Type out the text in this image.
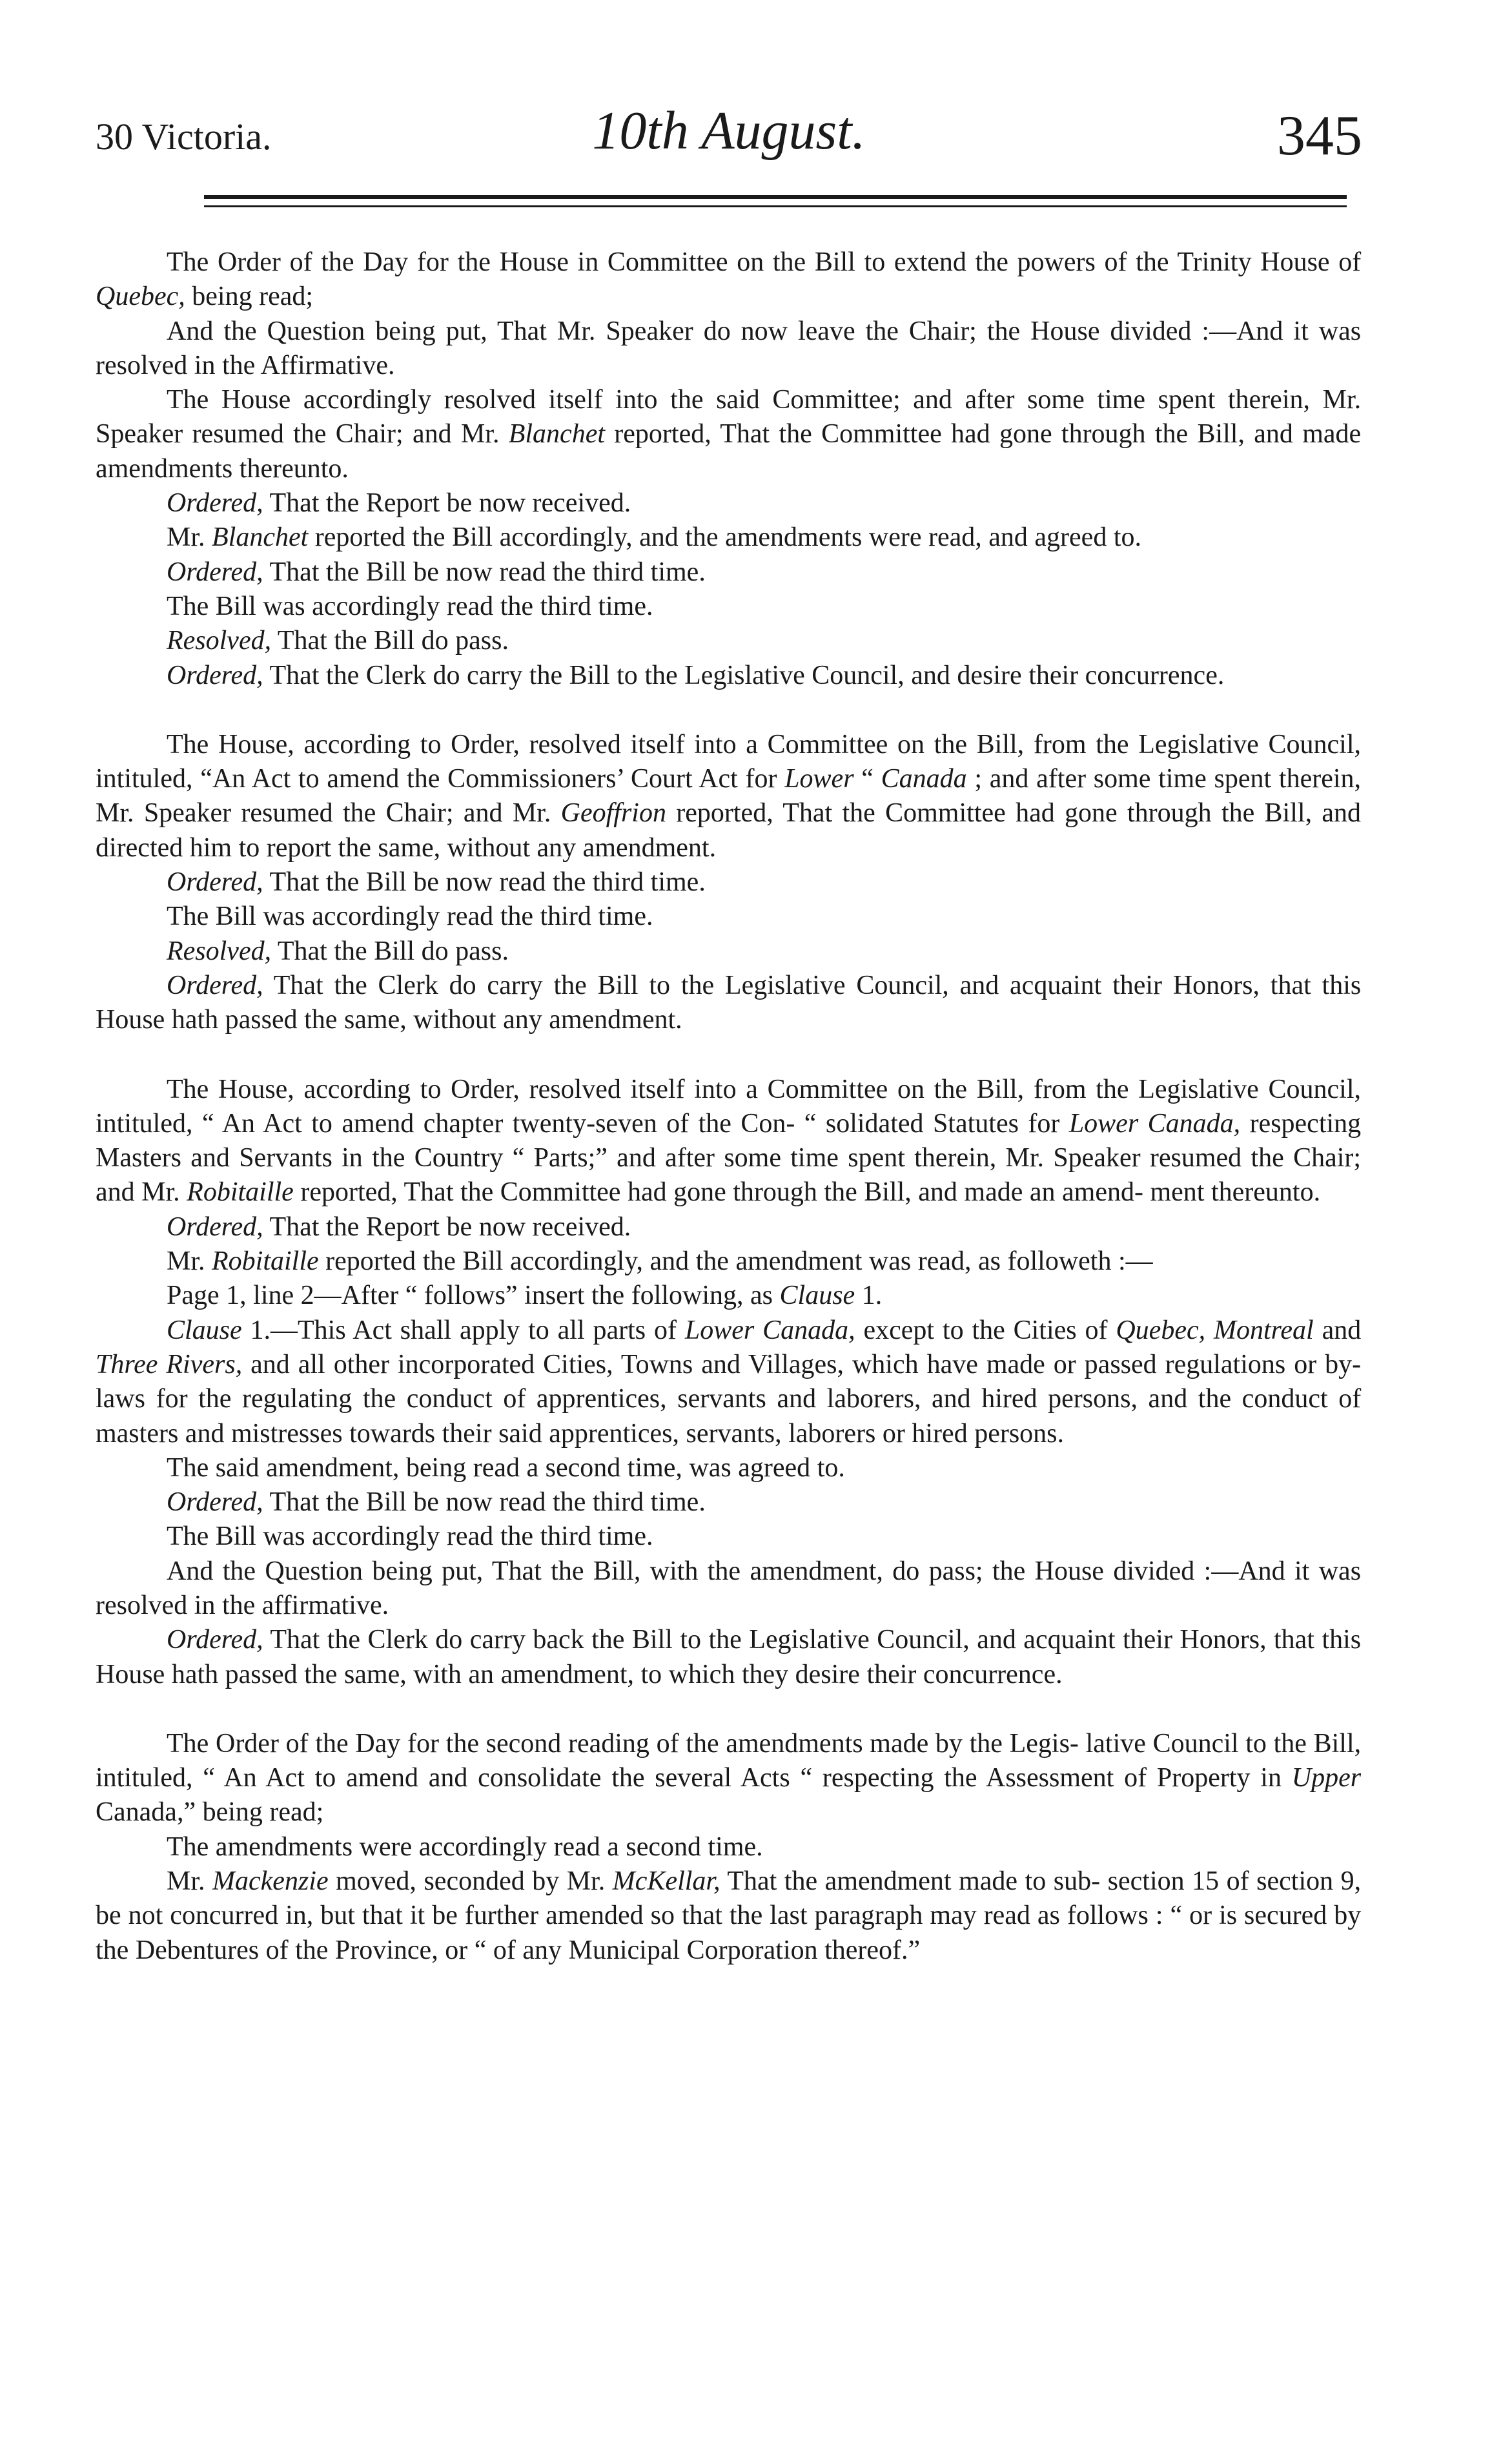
30 Victoria.	10th August.	345

The Order of the Day for the House in Committee on the Bill to extend the powers of the Trinity House of Quebec, being read;

And the Question being put, That Mr. Speaker do now leave the Chair; the House divided :—And it was resolved in the Affirmative.

The House accordingly resolved itself into the said Committee; and after some time spent therein, Mr. Speaker resumed the Chair; and Mr. Blanchet reported, That the Committee had gone through the Bill, and made amendments thereunto.

Ordered, That the Report be now received.

Mr. Blanchet reported the Bill accordingly, and the amendments were read, and agreed to.

Ordered, That the Bill be now read the third time.

The Bill was accordingly read the third time.

Resolved, That the Bill do pass.

Ordered, That the Clerk do carry the Bill to the Legislative Council, and desire their concurrence.

The House, according to Order, resolved itself into a Committee on the Bill, from the Legislative Council, intituled, “An Act to amend the Commissioners’ Court Act for Lower “ Canada ; and after some time spent therein, Mr. Speaker resumed the Chair; and Mr. Geoffrion reported, That the Committee had gone through the Bill, and directed him to report the same, without any amendment.

Ordered, That the Bill be now read the third time.

The Bill was accordingly read the third time.

Resolved, That the Bill do pass.

Ordered, That the Clerk do carry the Bill to the Legislative Council, and acquaint their Honors, that this House hath passed the same, without any amendment.

The House, according to Order, resolved itself into a Committee on the Bill, from the Legislative Council, intituled, “ An Act to amend chapter twenty-seven of the Con- “ solidated Statutes for Lower Canada, respecting Masters and Servants in the Country “ Parts;” and after some time spent therein, Mr. Speaker resumed the Chair; and Mr. Robitaille reported, That the Committee had gone through the Bill, and made an amend- ment thereunto.

Ordered, That the Report be now received.

Mr. Robitaille reported the Bill accordingly, and the amendment was read, as followeth :—

Page 1, line 2—After “ follows” insert the following, as Clause 1.

Clause 1.—This Act shall apply to all parts of Lower Canada, except to the Cities of Quebec, Montreal and Three Rivers, and all other incorporated Cities, Towns and Villages, which have made or passed regulations or by-laws for the regulating the conduct of apprentices, servants and laborers, and hired persons, and the conduct of masters and mistresses towards their said apprentices, servants, laborers or hired persons.

The said amendment, being read a second time, was agreed to.

Ordered, That the Bill be now read the third time.

The Bill was accordingly read the third time.

And the Question being put, That the Bill, with the amendment, do pass; the House divided :—And it was resolved in the affirmative.

Ordered, That the Clerk do carry back the Bill to the Legislative Council, and acquaint their Honors, that this House hath passed the same, with an amendment, to which they desire their concurrence.

The Order of the Day for the second reading of the amendments made by the Legis- lative Council to the Bill, intituled, “ An Act to amend and consolidate the several Acts “ respecting the Assessment of Property in Upper Canada,” being read;

The amendments were accordingly read a second time.

Mr. Mackenzie moved, seconded by Mr. McKellar, That the amendment made to sub- section 15 of section 9, be not concurred in, but that it be further amended so that the last paragraph may read as follows : “ or is secured by the Debentures of the Province, or “ of any Municipal Corporation thereof.”
